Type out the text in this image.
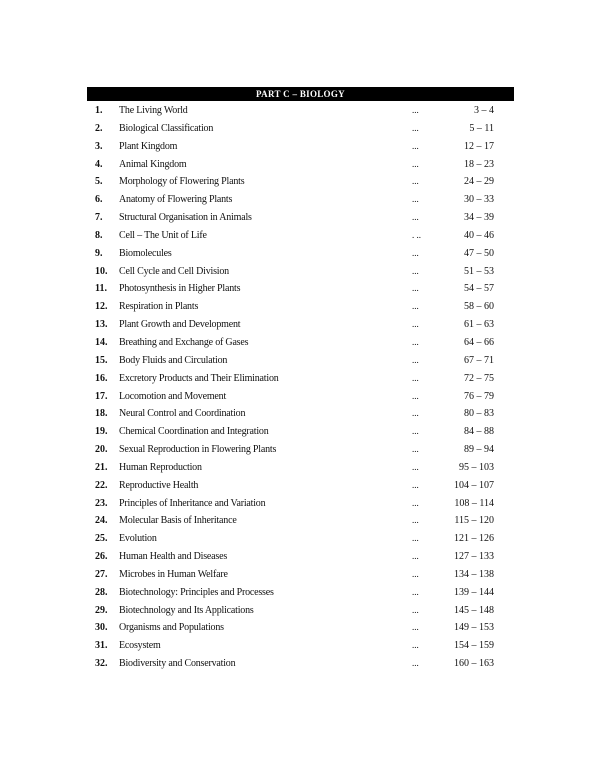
PART C – BIOLOGY
1. The Living World	...	3 – 4
2. Biological Classification	...	5 – 11
3. Plant Kingdom	...	12 – 17
4. Animal Kingdom	...	18 – 23
5. Morphology of Flowering Plants	...	24 – 29
6. Anatomy of Flowering Plants	...	30 – 33
7. Structural Organisation in Animals	...	34 – 39
8. Cell – The Unit of Life	. ..	40 – 46
9. Biomolecules	...	47 – 50
10. Cell Cycle and Cell Division	...	51 – 53
11. Photosynthesis in Higher Plants	...	54 – 57
12. Respiration in Plants	...	58 – 60
13. Plant Growth and Development	...	61 – 63
14. Breathing and Exchange of Gases	...	64 – 66
15. Body Fluids and Circulation	...	67 – 71
16. Excretory Products and Their Elimination	...	72 – 75
17. Locomotion and Movement	...	76 – 79
18. Neural Control and Coordination	...	80 – 83
19. Chemical Coordination and Integration	...	84 – 88
20. Sexual Reproduction in Flowering Plants	...	89 – 94
21. Human Reproduction	...	95 – 103
22. Reproductive Health	...	104 – 107
23. Principles of Inheritance and Variation	...	108 – 114
24. Molecular Basis of Inheritance	...	115 – 120
25. Evolution	...	121 – 126
26. Human Health and Diseases	...	127 – 133
27. Microbes in Human Welfare	...	134 – 138
28. Biotechnology: Principles and Processes	...	139 – 144
29. Biotechnology and Its Applications	...	145 – 148
30. Organisms and Populations	...	149 – 153
31. Ecosystem	...	154 – 159
32. Biodiversity and Conservation	...	160 – 163
